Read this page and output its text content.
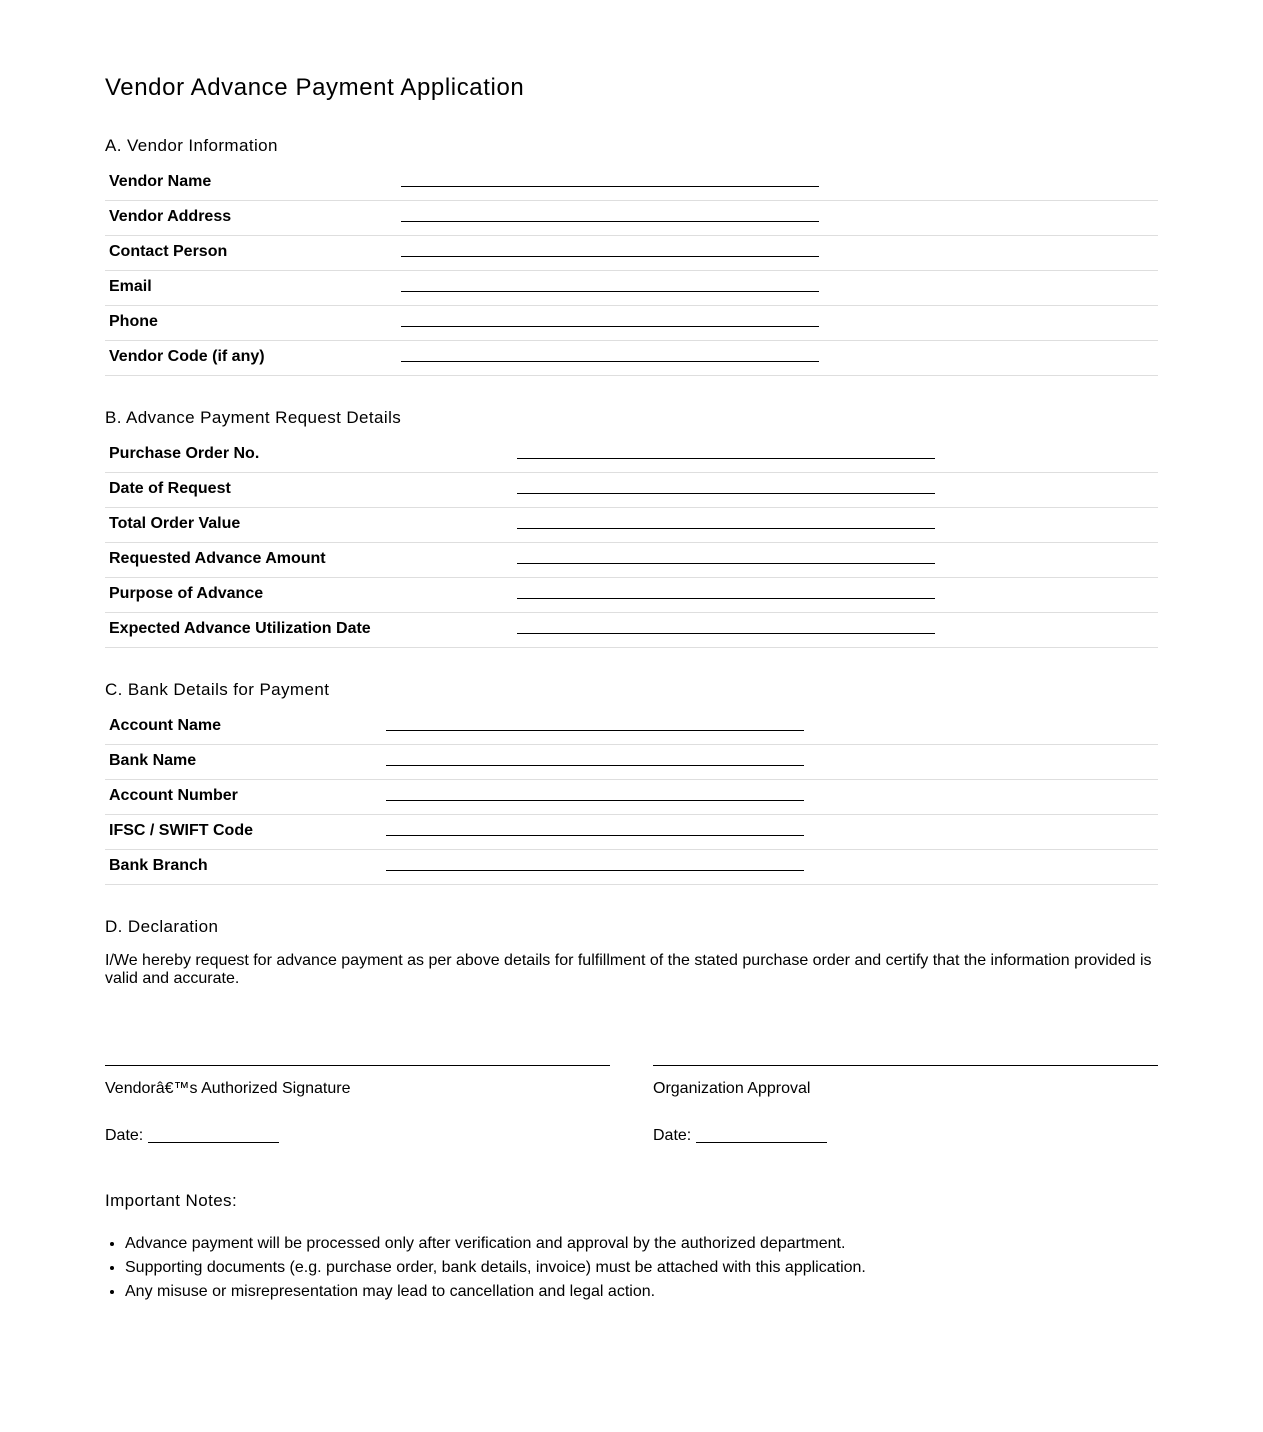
Vendor Advance Payment Application
A. Vendor Information
Vendor Name
Vendor Address
Contact Person
Email
Phone
Vendor Code (if any)
B. Advance Payment Request Details
Purchase Order No.
Date of Request
Total Order Value
Requested Advance Amount
Purpose of Advance
Expected Advance Utilization Date
C. Bank Details for Payment
Account Name
Bank Name
Account Number
IFSC / SWIFT Code
Bank Branch
D. Declaration
I/We hereby request for advance payment as per above details for fulfillment of the stated purchase order and certify that the information provided is valid and accurate.
Vendorâ€™s Authorized Signature
Date:
Organization Approval
Date:
Important Notes:
• Advance payment will be processed only after verification and approval by the authorized department.
• Supporting documents (e.g. purchase order, bank details, invoice) must be attached with this application.
• Any misuse or misrepresentation may lead to cancellation and legal action.
